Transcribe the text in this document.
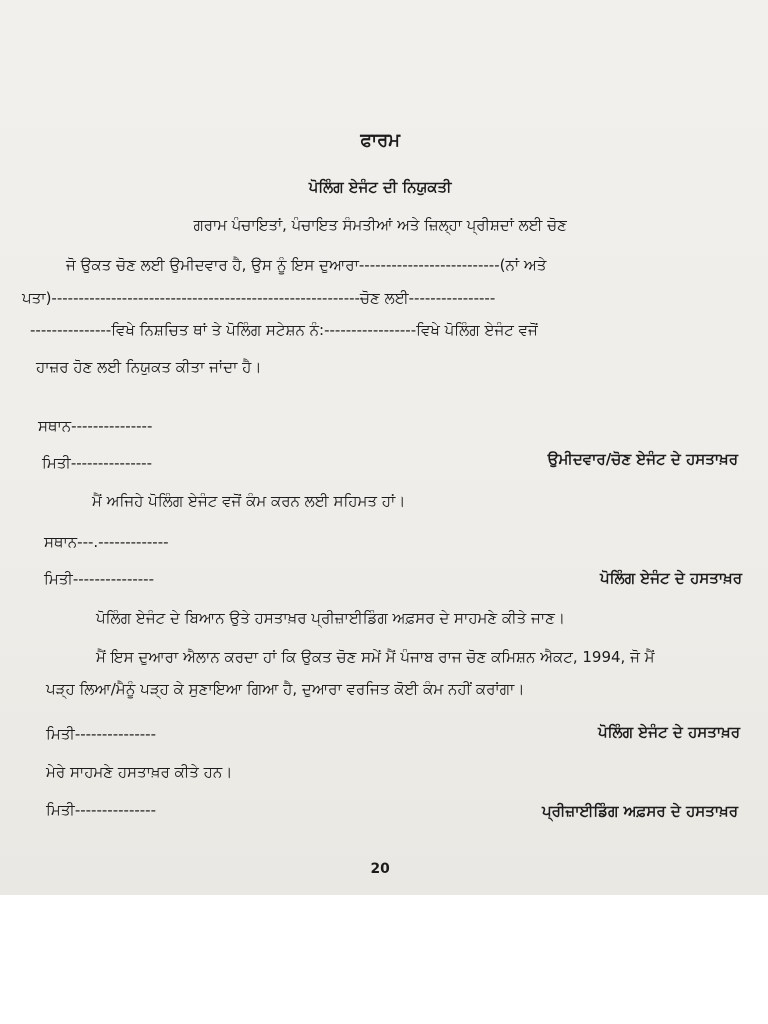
ਫਾਰਮ
ਪੋਲਿੰਗ ਏਜੰਟ ਦੀ ਨਿਯੁਕਤੀ
ਗਰਾਮ ਪੰਚਾਇਤਾਂ, ਪੰਚਾਇਤ ਸੰਮਤੀਆਂ ਅਤੇ ਜ਼ਿਲ੍ਹਾ ਪ੍ਰੀਸ਼ਦਾਂ ਲਈ ਚੋਣ
ਜੋ ਉਕਤ ਚੋਣ ਲਈ ਉਮੀਦਵਾਰ ਹੈ, ਉਸ ਨੂੰ ਇਸ ਦੁਆਰਾ--------------------------(ਨਾਂ ਅਤੇ
ਪਤਾ)---------------------------------------------------------ਚੋਣ ਲਈ----------------
---------------ਵਿਖੇ ਨਿਸ਼ਚਿਤ ਥਾਂ ਤੇ ਪੋਲਿੰਗ ਸਟੇਸ਼ਨ ਨੰ:-----------------ਵਿਖੇ ਪੋਲਿੰਗ ਏਜੰਟ ਵਜੋਂ
ਹਾਜ਼ਰ ਹੋਣ ਲਈ ਨਿਯੁਕਤ ਕੀਤਾ ਜਾਂਦਾ ਹੈ।
ਸਥਾਨ---------------
ਮਿਤੀ---------------	ਉਮੀਦਵਾਰ/ਚੋਣ ਏਜੰਟ ਦੇ ਹਸਤਾਖ਼ਰ
ਮੈਂ ਅਜਿਹੇ ਪੋਲਿੰਗ ਏਜੰਟ ਵਜੋਂ ਕੰਮ ਕਰਨ ਲਈ ਸਹਿਮਤ ਹਾਂ।
ਸਥਾਨ---.-------------
ਮਿਤੀ---------------	ਪੋਲਿੰਗ ਏਜੰਟ ਦੇ ਹਸਤਾਖ਼ਰ
ਪੋਲਿੰਗ ਏਜੰਟ ਦੇ ਬਿਆਨ ਉਤੇ ਹਸਤਾਖ਼ਰ ਪ੍ਰੀਜ਼ਾਈਡਿੰਗ ਅਫ਼ਸਰ ਦੇ ਸਾਹਮਣੇ ਕੀਤੇ ਜਾਣ।
ਮੈਂ ਇਸ ਦੁਆਰਾ ਐਲਾਨ ਕਰਦਾ ਹਾਂ ਕਿ ਉਕਤ ਚੋਣ ਸਮੇਂ ਮੈਂ ਪੰਜਾਬ ਰਾਜ ਚੋਣ ਕਮਿਸ਼ਨ ਐਕਟ, 1994, ਜੋ ਮੈਂ
ਪੜ੍ਹ ਲਿਆ/ਮੈਨੂੰ ਪੜ੍ਹ ਕੇ ਸੁਣਾਇਆ ਗਿਆ ਹੈ, ਦੁਆਰਾ ਵਰਜਿਤ ਕੋਈ ਕੰਮ ਨਹੀਂ ਕਰਾਂਗਾ।
ਮਿਤੀ---------------	ਪੋਲਿੰਗ ਏਜੰਟ ਦੇ ਹਸਤਾਖ਼ਰ
ਮੇਰੇ ਸਾਹਮਣੇ ਹਸਤਾਖ਼ਰ ਕੀਤੇ ਹਨ।
ਮਿਤੀ---------------	ਪ੍ਰੀਜ਼ਾਈਡਿੰਗ ਅਫ਼ਸਰ ਦੇ ਹਸਤਾਖ਼ਰ
20
